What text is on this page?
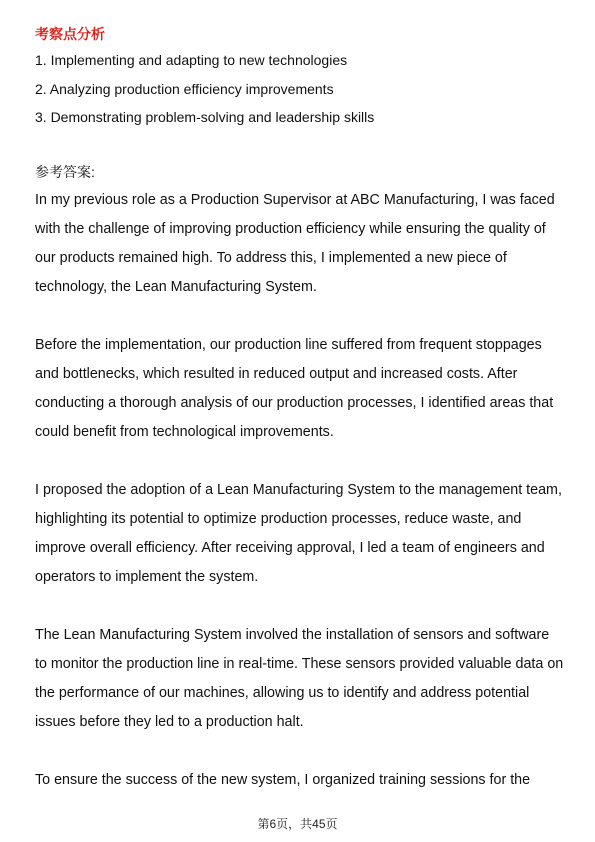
考察点分析
1. Implementing and adapting to new technologies
2. Analyzing production efficiency improvements
3. Demonstrating problem-solving and leadership skills
参考答案:

In my previous role as a Production Supervisor at ABC Manufacturing, I was faced with the challenge of improving production efficiency while ensuring the quality of our products remained high. To address this, I implemented a new piece of technology, the Lean Manufacturing System.

Before the implementation, our production line suffered from frequent stoppages and bottlenecks, which resulted in reduced output and increased costs. After conducting a thorough analysis of our production processes, I identified areas that could benefit from technological improvements.

I proposed the adoption of a Lean Manufacturing System to the management team, highlighting its potential to optimize production processes, reduce waste, and improve overall efficiency. After receiving approval, I led a team of engineers and operators to implement the system.

The Lean Manufacturing System involved the installation of sensors and software to monitor the production line in real-time. These sensors provided valuable data on the performance of our machines, allowing us to identify and address potential issues before they led to a production halt.

To ensure the success of the new system, I organized training sessions for the

第6页，共45页
